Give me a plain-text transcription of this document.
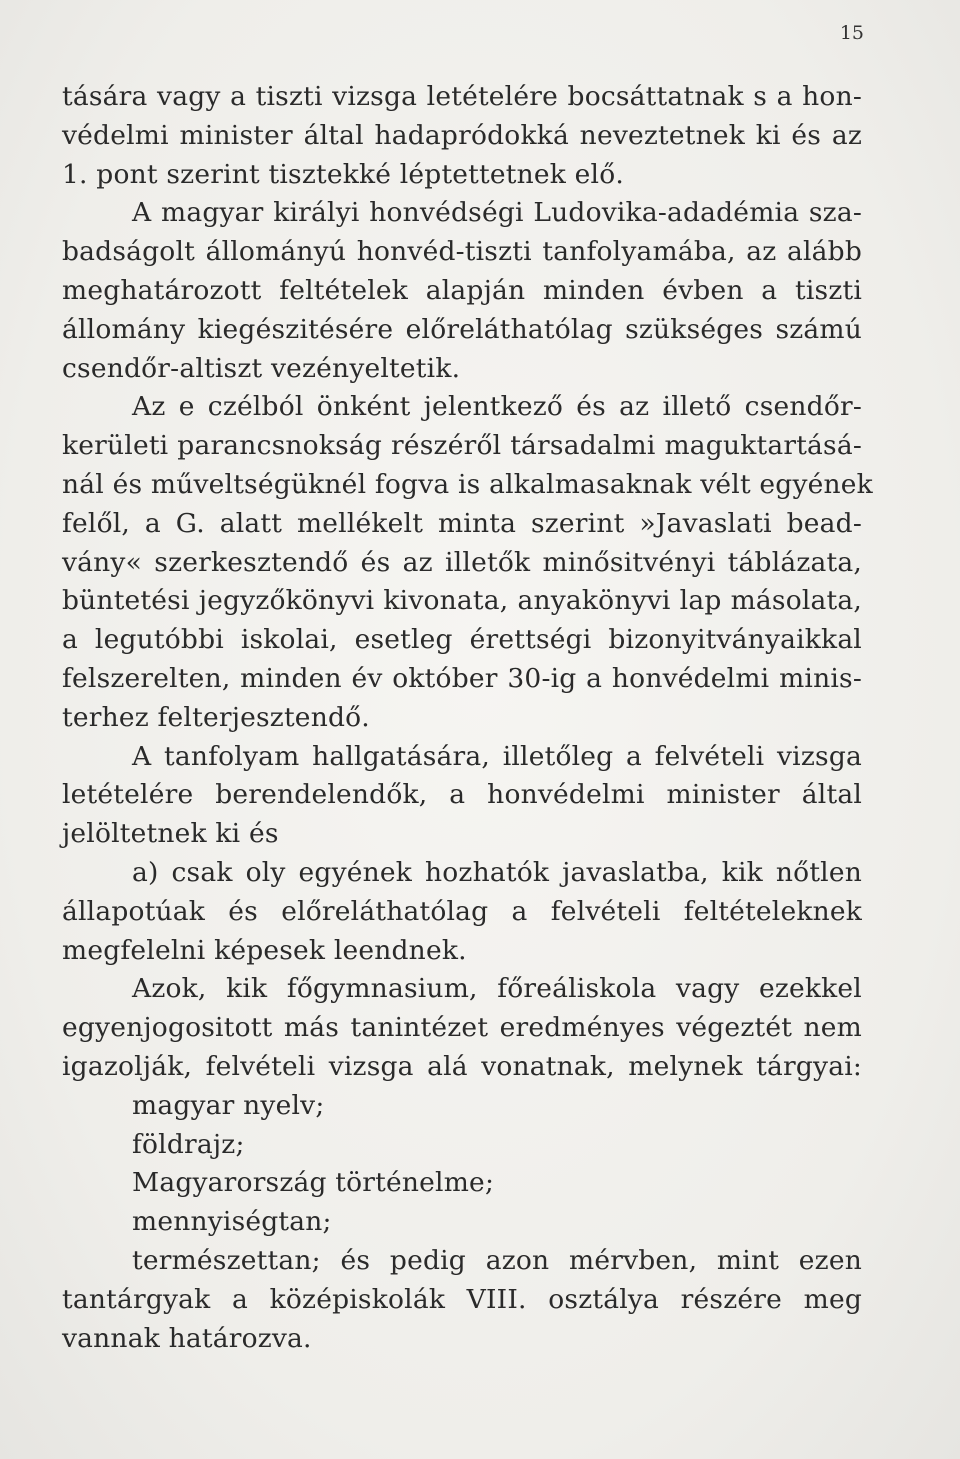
15
tására vagy a tiszti vizsga letételére bocsáttatnak s a hon-
védelmi minister által hadapródokká neveztetnek ki és az
1. pont szerint tisztekké léptettetnek elő.
A magyar királyi honvédségi Ludovika-adadémia sza-
badságolt állományú honvéd-tiszti tanfolyamába, az alább
meghatározott feltételek alapján minden évben a tiszti
állomány kiegészitésére előreláthatólag szükséges számú
csendőr-altiszt vezényeltetik.
Az e czélból önként jelentkező és az illető csendőr-
kerületi parancsnokság részéről társadalmi maguktartásá-
nál és műveltségüknél fogva is alkalmasaknak vélt egyének
felől, a G. alatt mellékelt minta szerint »Javaslati bead-
vány« szerkesztendő és az illetők minősitvényi táblázata,
büntetési jegyzőkönyvi kivonata, anyakönyvi lap másolata,
a legutóbbi iskolai, esetleg érettségi bizonyitványaikkal
felszerelten, minden év október 30-ig a honvédelmi minis-
terhez felterjesztendő.
A tanfolyam hallgatására, illetőleg a felvételi vizsga
letételére berendelendők, a honvédelmi minister által
jelöltetnek ki és
a) csak oly egyének hozhatók javaslatba, kik nőtlen
állapotúak és előreláthatólag a felvételi feltételeknek
megfelelni képesek leendnek.
Azok, kik főgymnasium, főreáliskola vagy ezekkel
egyenjogositott más tanintézet eredményes végeztét nem
igazolják, felvételi vizsga alá vonatnak, melynek tárgyai:
magyar nyelv;
földrajz;
Magyarország történelme;
mennyiségtan;
természettan; és pedig azon mérvben, mint ezen
tantárgyak a középiskolák VIII. osztálya részére meg
vannak határozva.
